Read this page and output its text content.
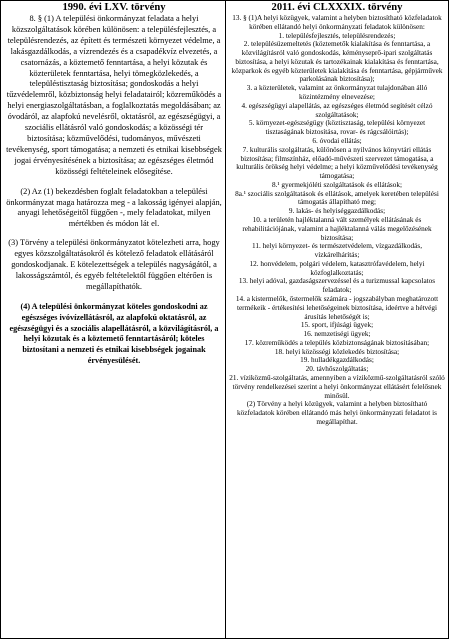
1990. évi LXV. törvény

8. § (1) A települési önkormányzat feladata a helyi közszolgáltatások körében különösen: a településfejlesztés, a településrendezés, az épített és természeti környezet védelme, a lakásgazdálkodás, a vízrendezés és a csapadékvíz elvezetés, a csatornázás, a köztemető fenntartása, a helyi közutak és közterületek fenntartása, helyi tömegközlekedés, a településtisztaság biztosítása; gondoskodás a helyi tűzvédelemről, közbiztonság helyi feladatairól; közreműködés a helyi energiaszolgáltatásban, a foglalkoztatás megoldásában; az óvodáról, az alapfokú nevelésről, oktatásról, az egészségügyi, a szociális ellátásról való gondoskodás; a közösségi tér biztosítása; közművelődési, tudományos, művészeti tevékenység, sport támogatása; a nemzeti és etnikai kisebbségek jogai érvényesítésének a biztosítása; az egészséges életmód közösségi feltételeinek elősegítése.

(2) Az (1) bekezdésben foglalt feladatokban a települési önkormányzat maga határozza meg - a lakosság igényei alapján, anyagi lehetőségeitől függően -, mely feladatokat, milyen mértékben és módon lát el.

(3) Törvény a települési önkormányzatot kötelezheti arra, hogy egyes közszolgáltatásokról és kötelező feladatok ellátásáról gondoskodjanak. E kötelezettségek a település nagyságától, a lakosságszámtól, és egyéb feltételektől függően eltérően is megállapíthatók.

(4) A települési önkormányzat köteles gondoskodni az egészséges ivóvízellátásról, az alapfokú oktatásról, az egészségügyi és a szociális alapellátásról, a közvilágításról, a helyi közutak és a köztemető fenntartásáról; köteles biztosítani a nemzeti és etnikai kisebbségek jogainak érvényesülését.

2011. évi CLXXXIX. törvény

13. § (1)A helyi közügyek, valamint a helyben biztosítható közfeladatok körében ellátandó helyi önkormányzati feladatok különösen:

1. településfejlesztés, településrendezés;

2. településüzemeltetés (köztemetők kialakítása és fenntartása, a közvilágításról való gondoskodás, kéményseprő-ipari szolgáltatás biztosítása, a helyi közutak és tartozékainak kialakítása és fenntartása, közparkok és egyéb közterületek kialakítása és fenntartása, gépjárművek parkolásának biztosítása);

3. a közterületek, valamint az önkormányzat tulajdonában álló közintézmény elnevezése;

4. egészségügyi alapellátás, az egészséges életmód segítését célzó szolgáltatások;

5. környezet-egészségügy (köztisztaság, települési környezet tisztaságának biztosítása, rovar- és rágcsálóirtás);

6. óvodai ellátás;

7. kulturális szolgáltatás, különösen a nyilvános könyvtári ellátás biztosítása; filmszínház, előadó-művészeti szervezet támogatása, a kulturális örökség helyi védelme; a helyi közművelődési tevékenység támogatása;

8.¹ gyermekjóléti szolgáltatások és ellátások;

8a.¹ szociális szolgáltatások és ellátások, amelyek keretében települési támogatás állapítható meg;

9. lakás- és helyiséggazdálkodás;

10. a területén hajléktalanná vált személyek ellátásának és rehabilitációjának, valamint a hajléktalanná válás megelőzésének biztosítása;

11. helyi környezet- és természetvédelem, vízgazdálkodás, vízkárelhárítás;

12. honvédelem, polgári védelem, katasztrófavédelem, helyi közfoglalkoztatás;

13. helyi adóval, gazdaságszervezéssel és a turizmussal kapcsolatos feladatok;

14. a kistermelők, őstermelők számára - jogszabályban meghatározott termékeik - értékesítési lehetőségeinek biztosítása, ideértve a hétvégi árusítás lehetőségét is;

15. sport, ifjúsági ügyek;

16. nemzetiségi ügyek;

17. közreműködés a település közbiztonságának biztosításában;

18. helyi közösségi közlekedés biztosítása;

19. hulladékgazdálkodás;

20. távhőszolgáltatás;

21. víziközmű-szolgáltatás, amennyiben a víziközmű-szolgáltatásról szóló törvény rendelkezései szerint a helyi önkormányzat ellátásért felelősnek minősül.

(2) Törvény a helyi közügyek, valamint a helyben biztosítható közfeladatok körében ellátandó más helyi önkormányzati feladatot is megállapíthat.
